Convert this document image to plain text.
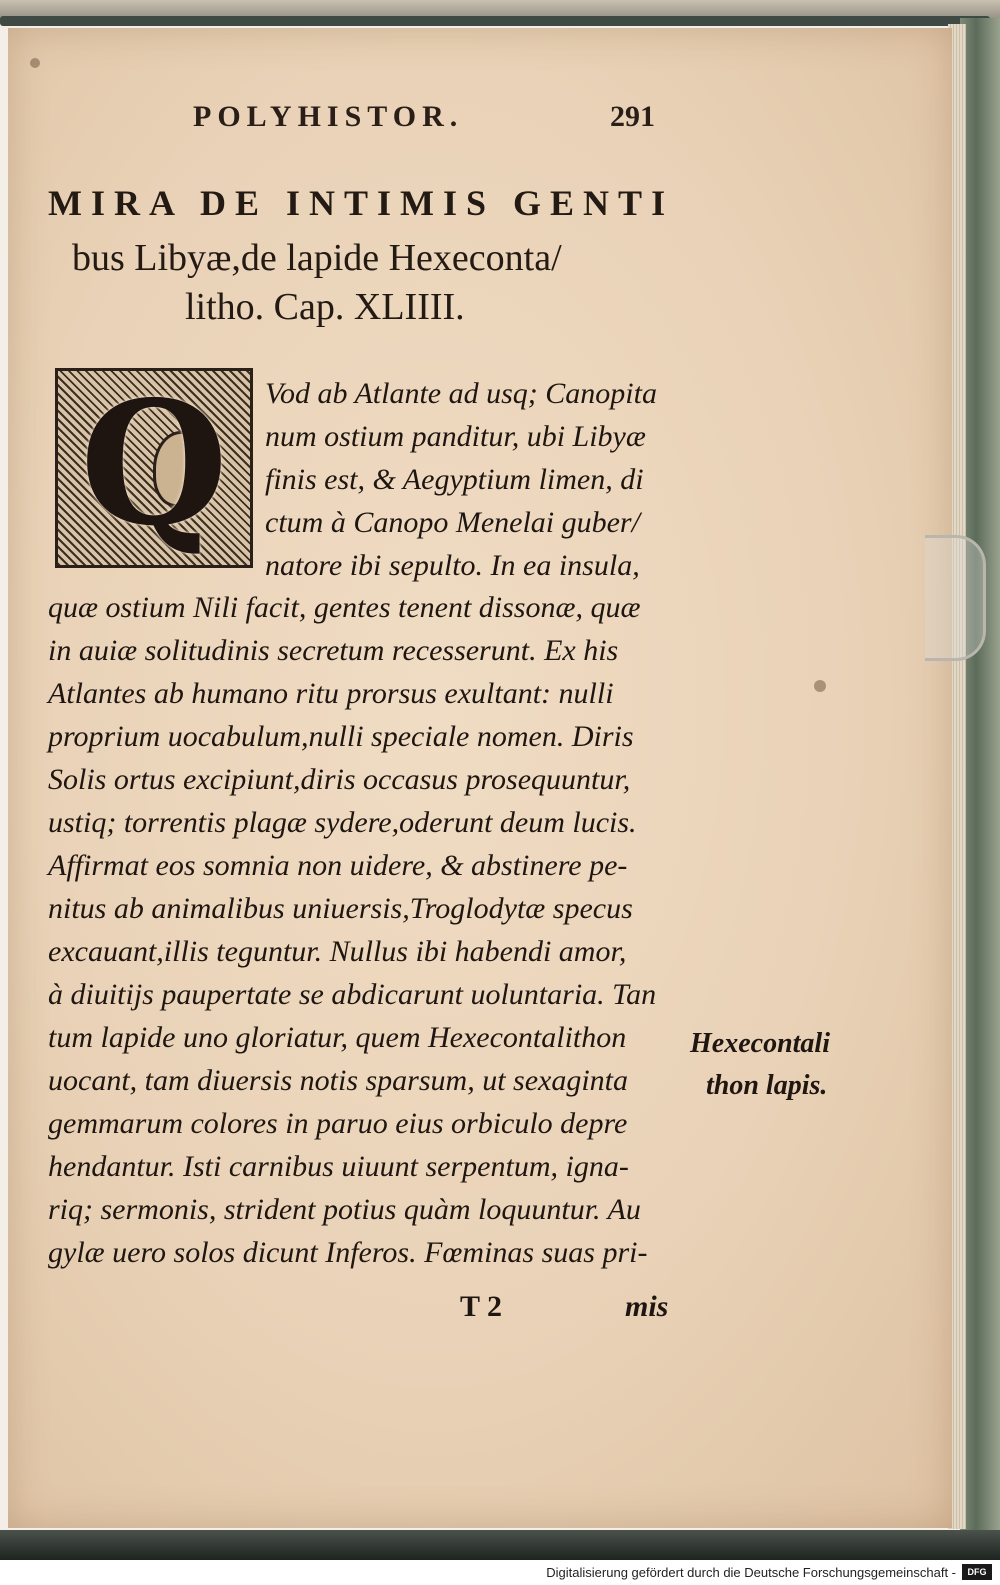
POLYHISTOR.	291
MIRA DE INTIMIS GENTI
bus Libyæ,de lapide Hexeconta/
litho. Cap. XLIIII.
Q Vod ab Atlante ad usq; Canopita
num ostium panditur, ubi Libyæ
finis est, & Aegyptium limen, di
ctum à Canopo Menelai guber/
natore ibi sepulto. In ea insula,
quæ ostium Nili facit, gentes tenent dissonæ, quæ
in auiæ solitudinis secretum recesserunt. Ex his
Atlantes ab humano ritu prorsus exultant: nulli
proprium uocabulum,nulli speciale nomen. Diris
Solis ortus excipiunt,diris occasus prosequuntur,
ustiq; torrentis plagæ sydere,oderunt deum lucis.
Affirmat eos somnia non uidere, & abstinere pe-
nitus ab animalibus uniuersis,Troglodytæ specus
excauant,illis teguntur. Nullus ibi habendi amor,
à diuitijs paupertate se abdicarunt uoluntaria. Tan
tum lapide uno gloriatur, quem Hexecontalithon
uocant, tam diuersis notis sparsum, ut sexaginta
gemmarum colores in paruo eius orbiculo depre
hendantur. Isti carnibus uiuunt serpentum, igna-
riq; sermonis, strident potius quàm loquuntur. Au
gylæ uero solos dicunt Inferos. Fœminas suas pri-
Hexecontali
thon lapis.
T 2	mis
Digitalisierung gefördert durch die Deutsche Forschungsgemeinschaft -	DFG
